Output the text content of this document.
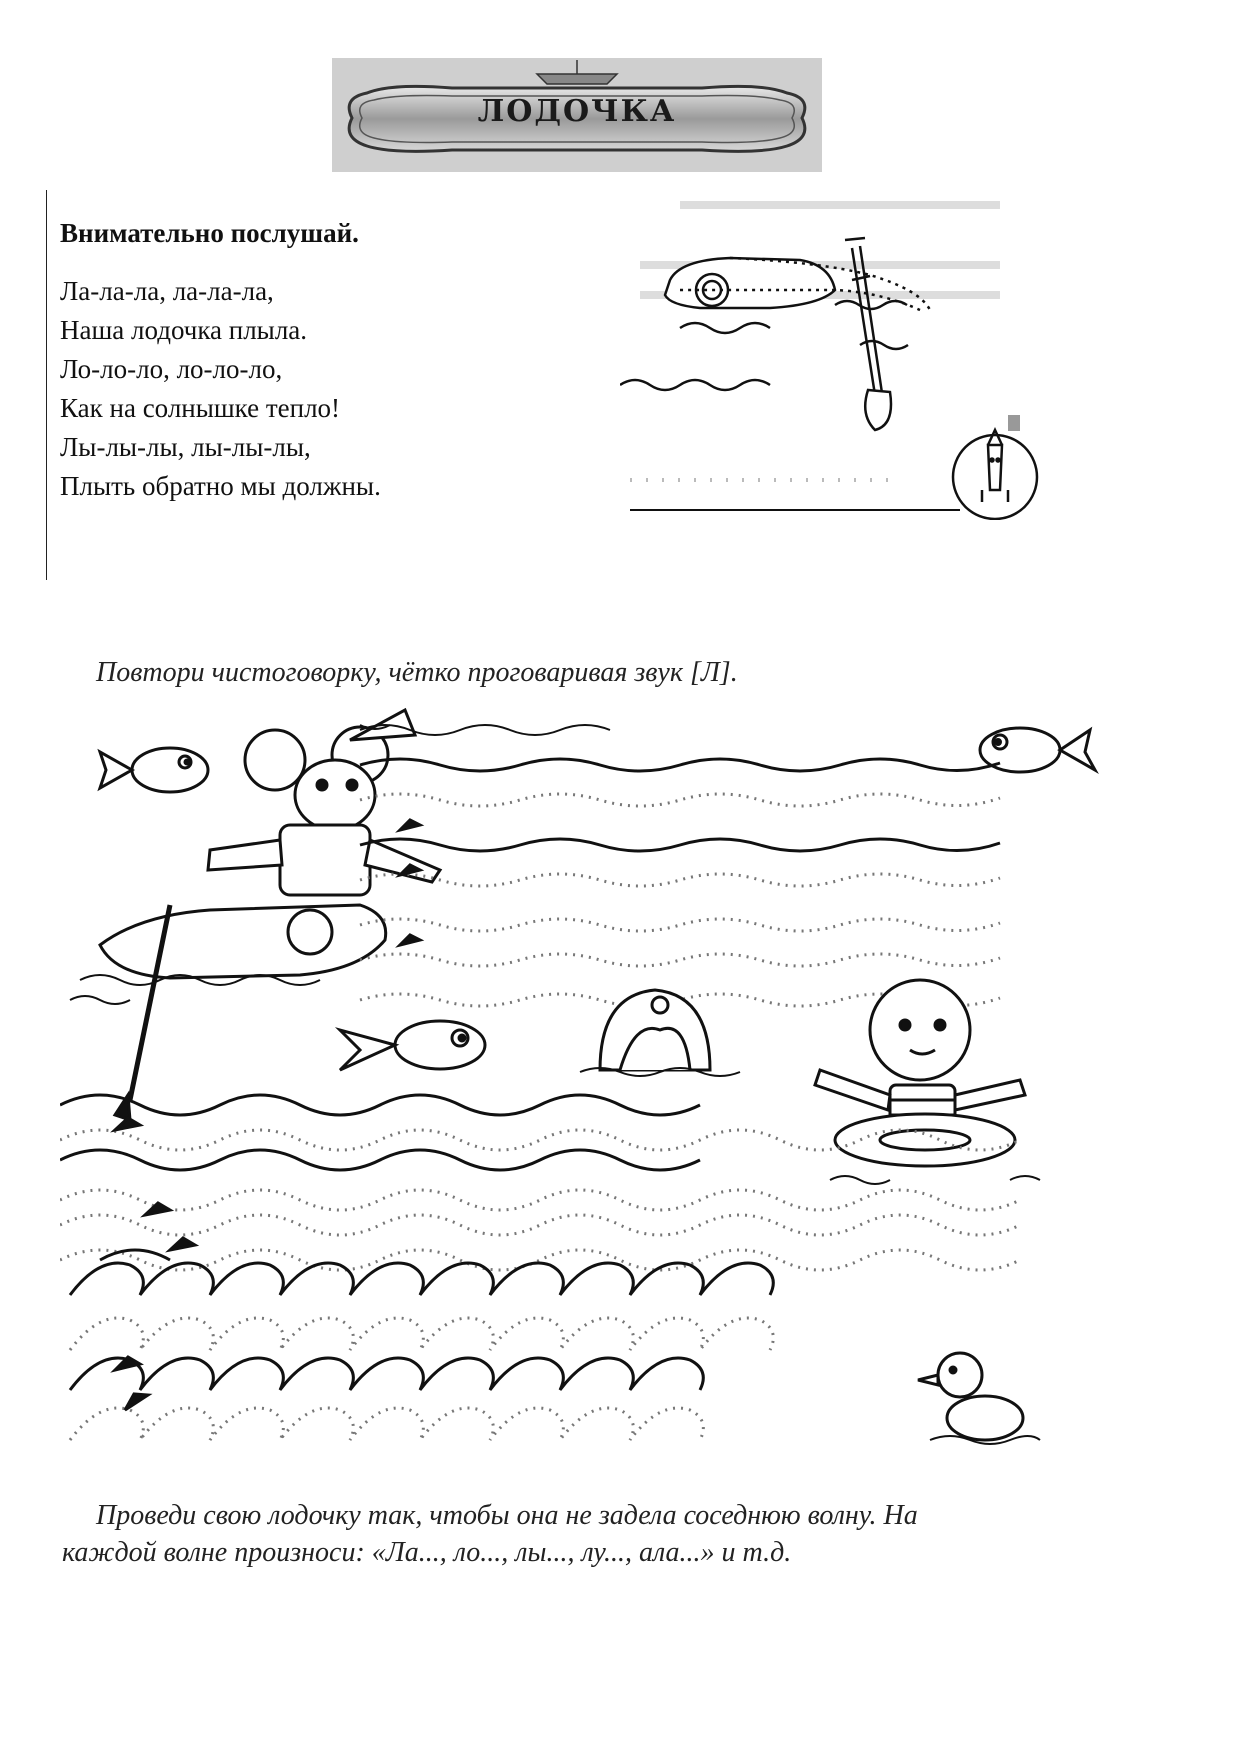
ЛОДОЧКА
Внимательно послушай.
Ла-ла-ла, ла-ла-ла,
Наша лодочка плыла.
Ло-ло-ло, ло-ло-ло,
Как на солнышке тепло!
Лы-лы-лы, лы-лы-лы,
Плыть обратно мы должны.
Повтори чистоговорку, чётко проговаривая звук [Л].
Проведи свою лодочку так, чтобы она не задела соседнюю волну. На
каждой волне произноси: «Ла..., ло..., лы..., лу..., ала...» и т.д.
